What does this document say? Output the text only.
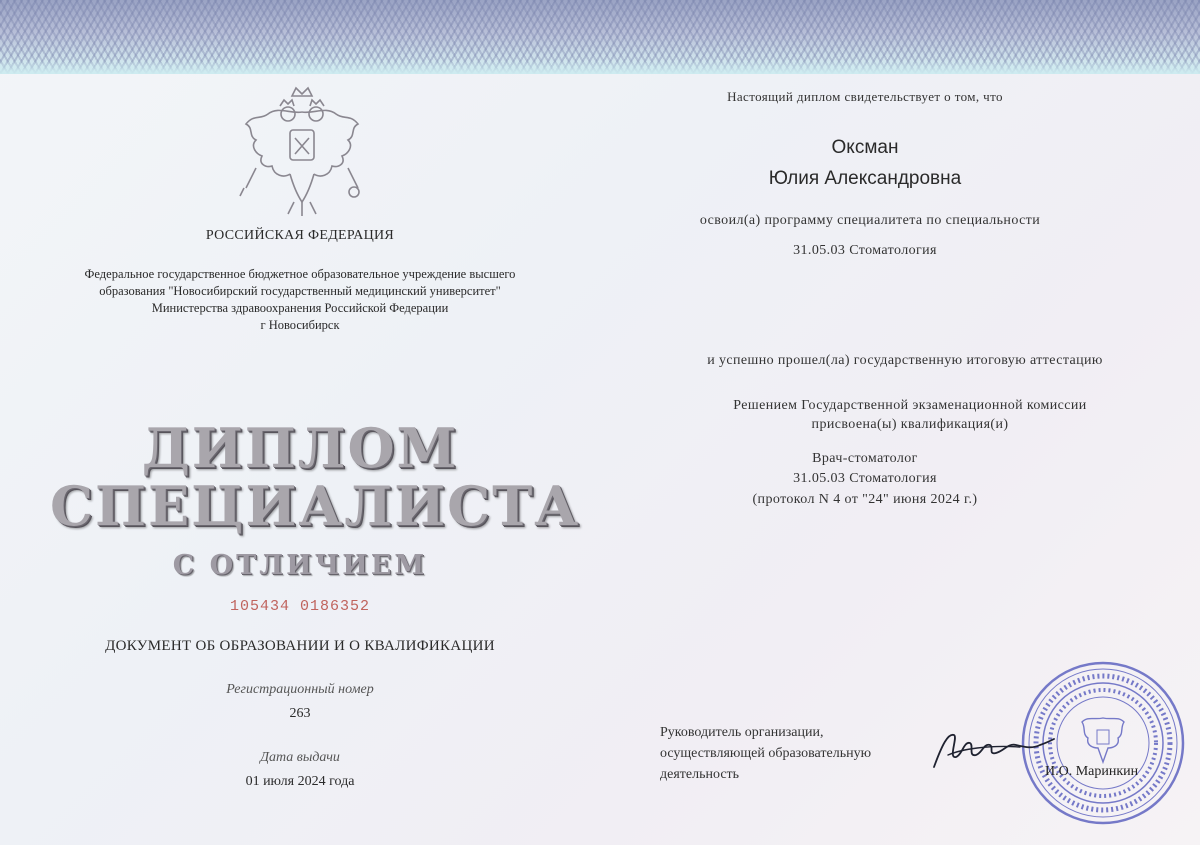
РОССИЙСКАЯ ФЕДЕРАЦИЯ
Федеральное государственное бюджетное образовательное учреждение высшего
образования "Новосибирский государственный медицинский университет"
Министерства здравоохранения Российской Федерации
г Новосибирск
ДИПЛОМ
СПЕЦИАЛИСТА
С ОТЛИЧИЕМ
105434 0186352
ДОКУМЕНТ ОБ ОБРАЗОВАНИИ И О КВАЛИФИКАЦИИ
Регистрационный номер
263
Дата выдачи
01 июля 2024 года
Настоящий диплом свидетельствует о том, что
Оксман
Юлия Александровна
освоил(а) программу специалитета по специальности
31.05.03 Стоматология
и успешно прошел(ла) государственную итоговую аттестацию
Решением Государственной экзаменационной комиссии
присвоена(ы) квалификация(и)
Врач-стоматолог
31.05.03 Стоматология
(протокол N 4 от "24" июня 2024 г.)
Руководитель организации,
осуществляющей образовательную
деятельность	И.О. Маринкин
